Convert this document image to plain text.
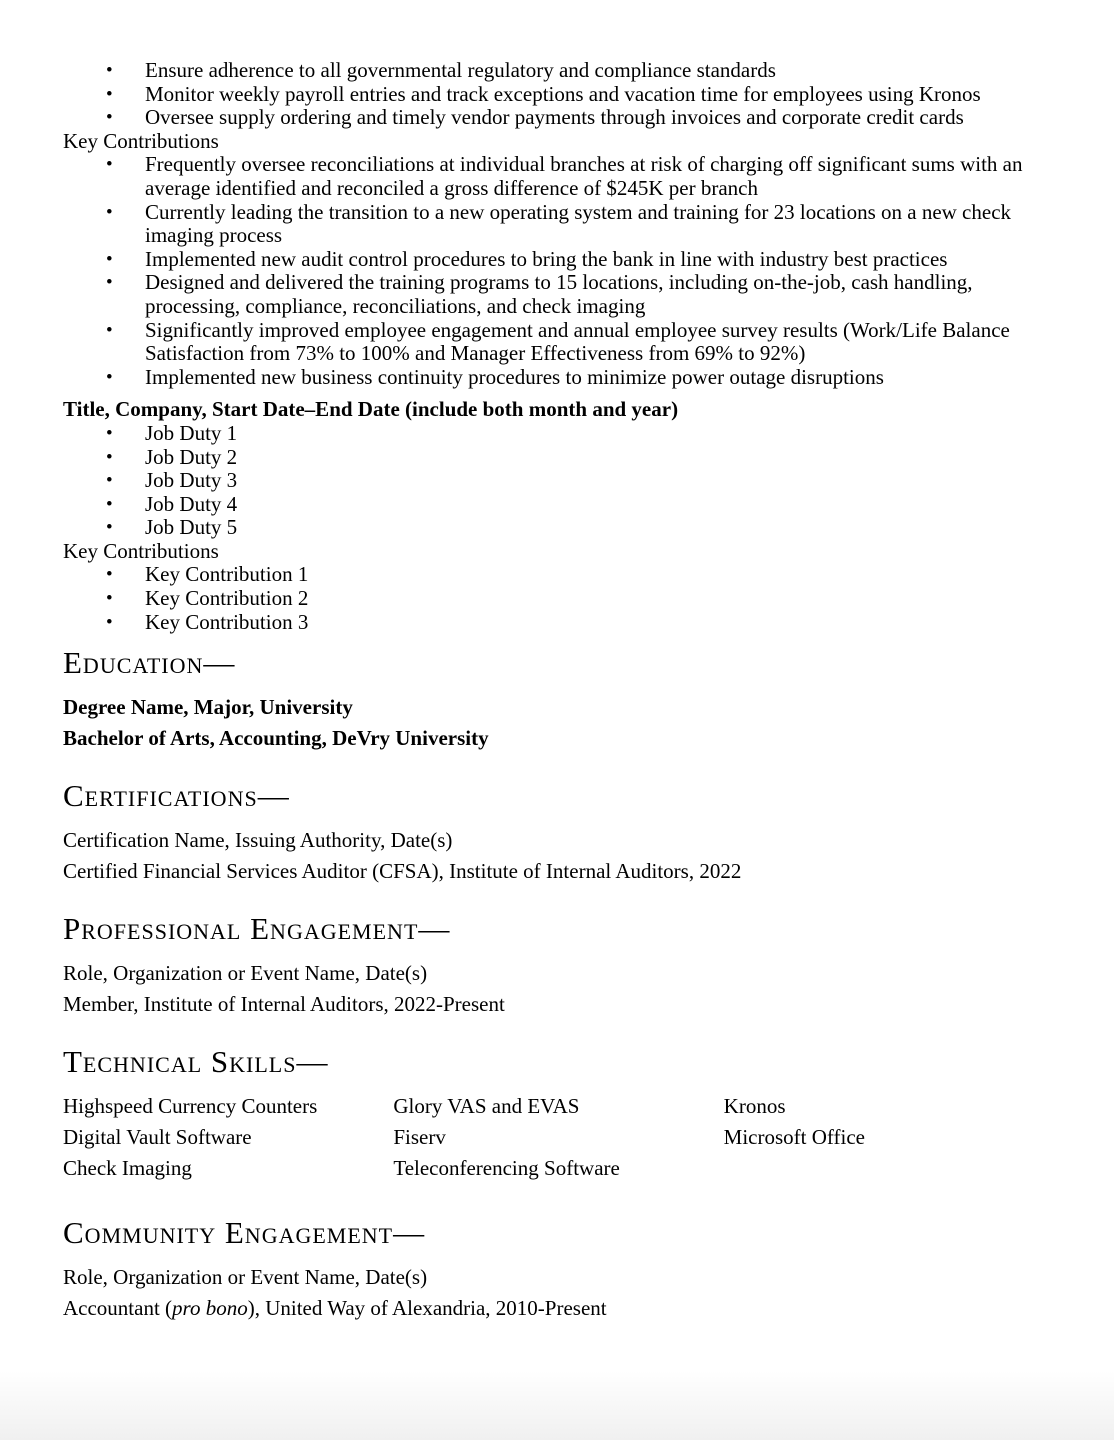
• Ensure adherence to all governmental regulatory and compliance standards
• Monitor weekly payroll entries and track exceptions and vacation time for employees using Kronos
• Oversee supply ordering and timely vendor payments through invoices and corporate credit cards

Key Contributions

• Frequently oversee reconciliations at individual branches at risk of charging off significant sums with an average identified and reconciled a gross difference of $245K per branch
• Currently leading the transition to a new operating system and training for 23 locations on a new check imaging process
• Implemented new audit control procedures to bring the bank in line with industry best practices
• Designed and delivered the training programs to 15 locations, including on-the-job, cash handling, processing, compliance, reconciliations, and check imaging
• Significantly improved employee engagement and annual employee survey results (Work/Life Balance Satisfaction from 73% to 100% and Manager Effectiveness from 69% to 92%)
• Implemented new business continuity procedures to minimize power outage disruptions

Title, Company, Start Date–End Date (include both month and year)

• Job Duty 1
• Job Duty 2
• Job Duty 3
• Job Duty 4
• Job Duty 5

Key Contributions

• Key Contribution 1
• Key Contribution 2
• Key Contribution 3
Education—

Degree Name, Major, University

Bachelor of Arts, Accounting, DeVry University

Certifications—

Certification Name, Issuing Authority, Date(s)

Certified Financial Services Auditor (CFSA), Institute of Internal Auditors, 2022

Professional Engagement—

Role, Organization or Event Name, Date(s)

Member, Institute of Internal Auditors, 2022-Present

Technical Skills—

Highspeed Currency Counters

Digital Vault Software

Check Imaging

Glory VAS and EVAS

Fiserv

Teleconferencing Software

Kronos

Microsoft Office

Community Engagement—

Role, Organization or Event Name, Date(s)

Accountant (pro bono), United Way of Alexandria, 2010-Present
